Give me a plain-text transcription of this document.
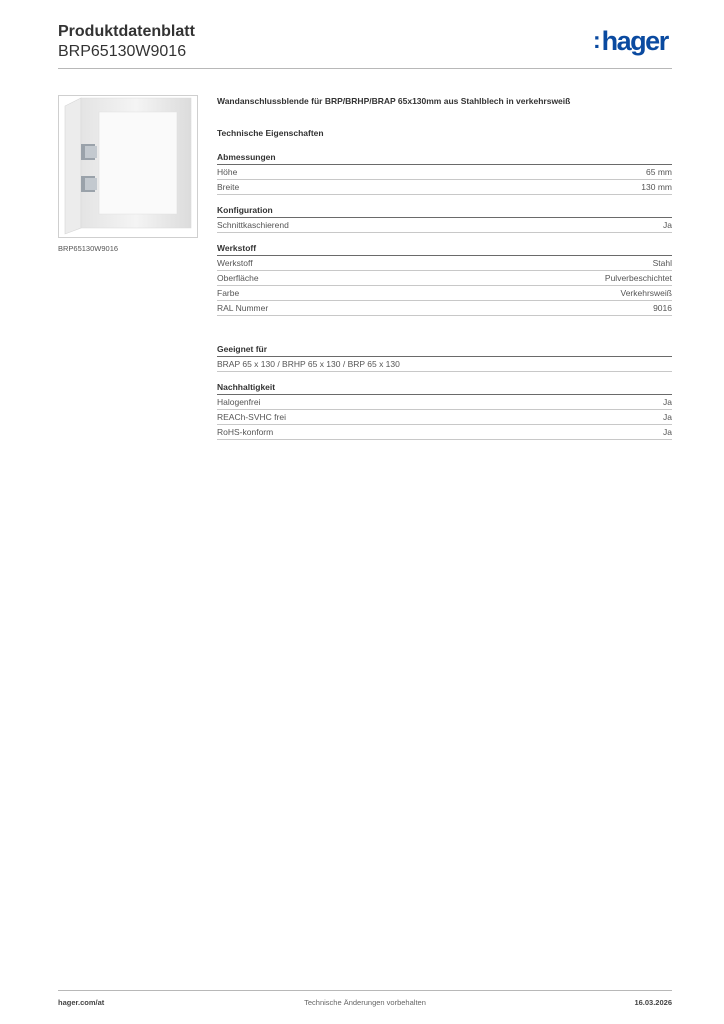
Produktdatenblatt
BRP65130W9016	:hager
BRP65130W9016
Wandanschlussblende für BRP/BRHP/BRAP 65x130mm aus Stahlblech in verkehrsweiß
Technische Eigenschaften
Abmessungen
Höhe	65 mm
Breite	130 mm
Konfiguration
Schnittkaschierend	Ja
Werkstoff
Werkstoff	Stahl
Oberfläche	Pulverbeschichtet
Farbe	Verkehrsweiß
RAL Nummer	9016
Geeignet für
BRAP 65 x 130 / BRHP 65 x 130 / BRP 65 x 130
Nachhaltigkeit
Halogenfrei	Ja
REACh-SVHC frei	Ja
RoHS-konform	Ja
Technische Änderungen vorbehalten
hager.com/at	16.03.2026
